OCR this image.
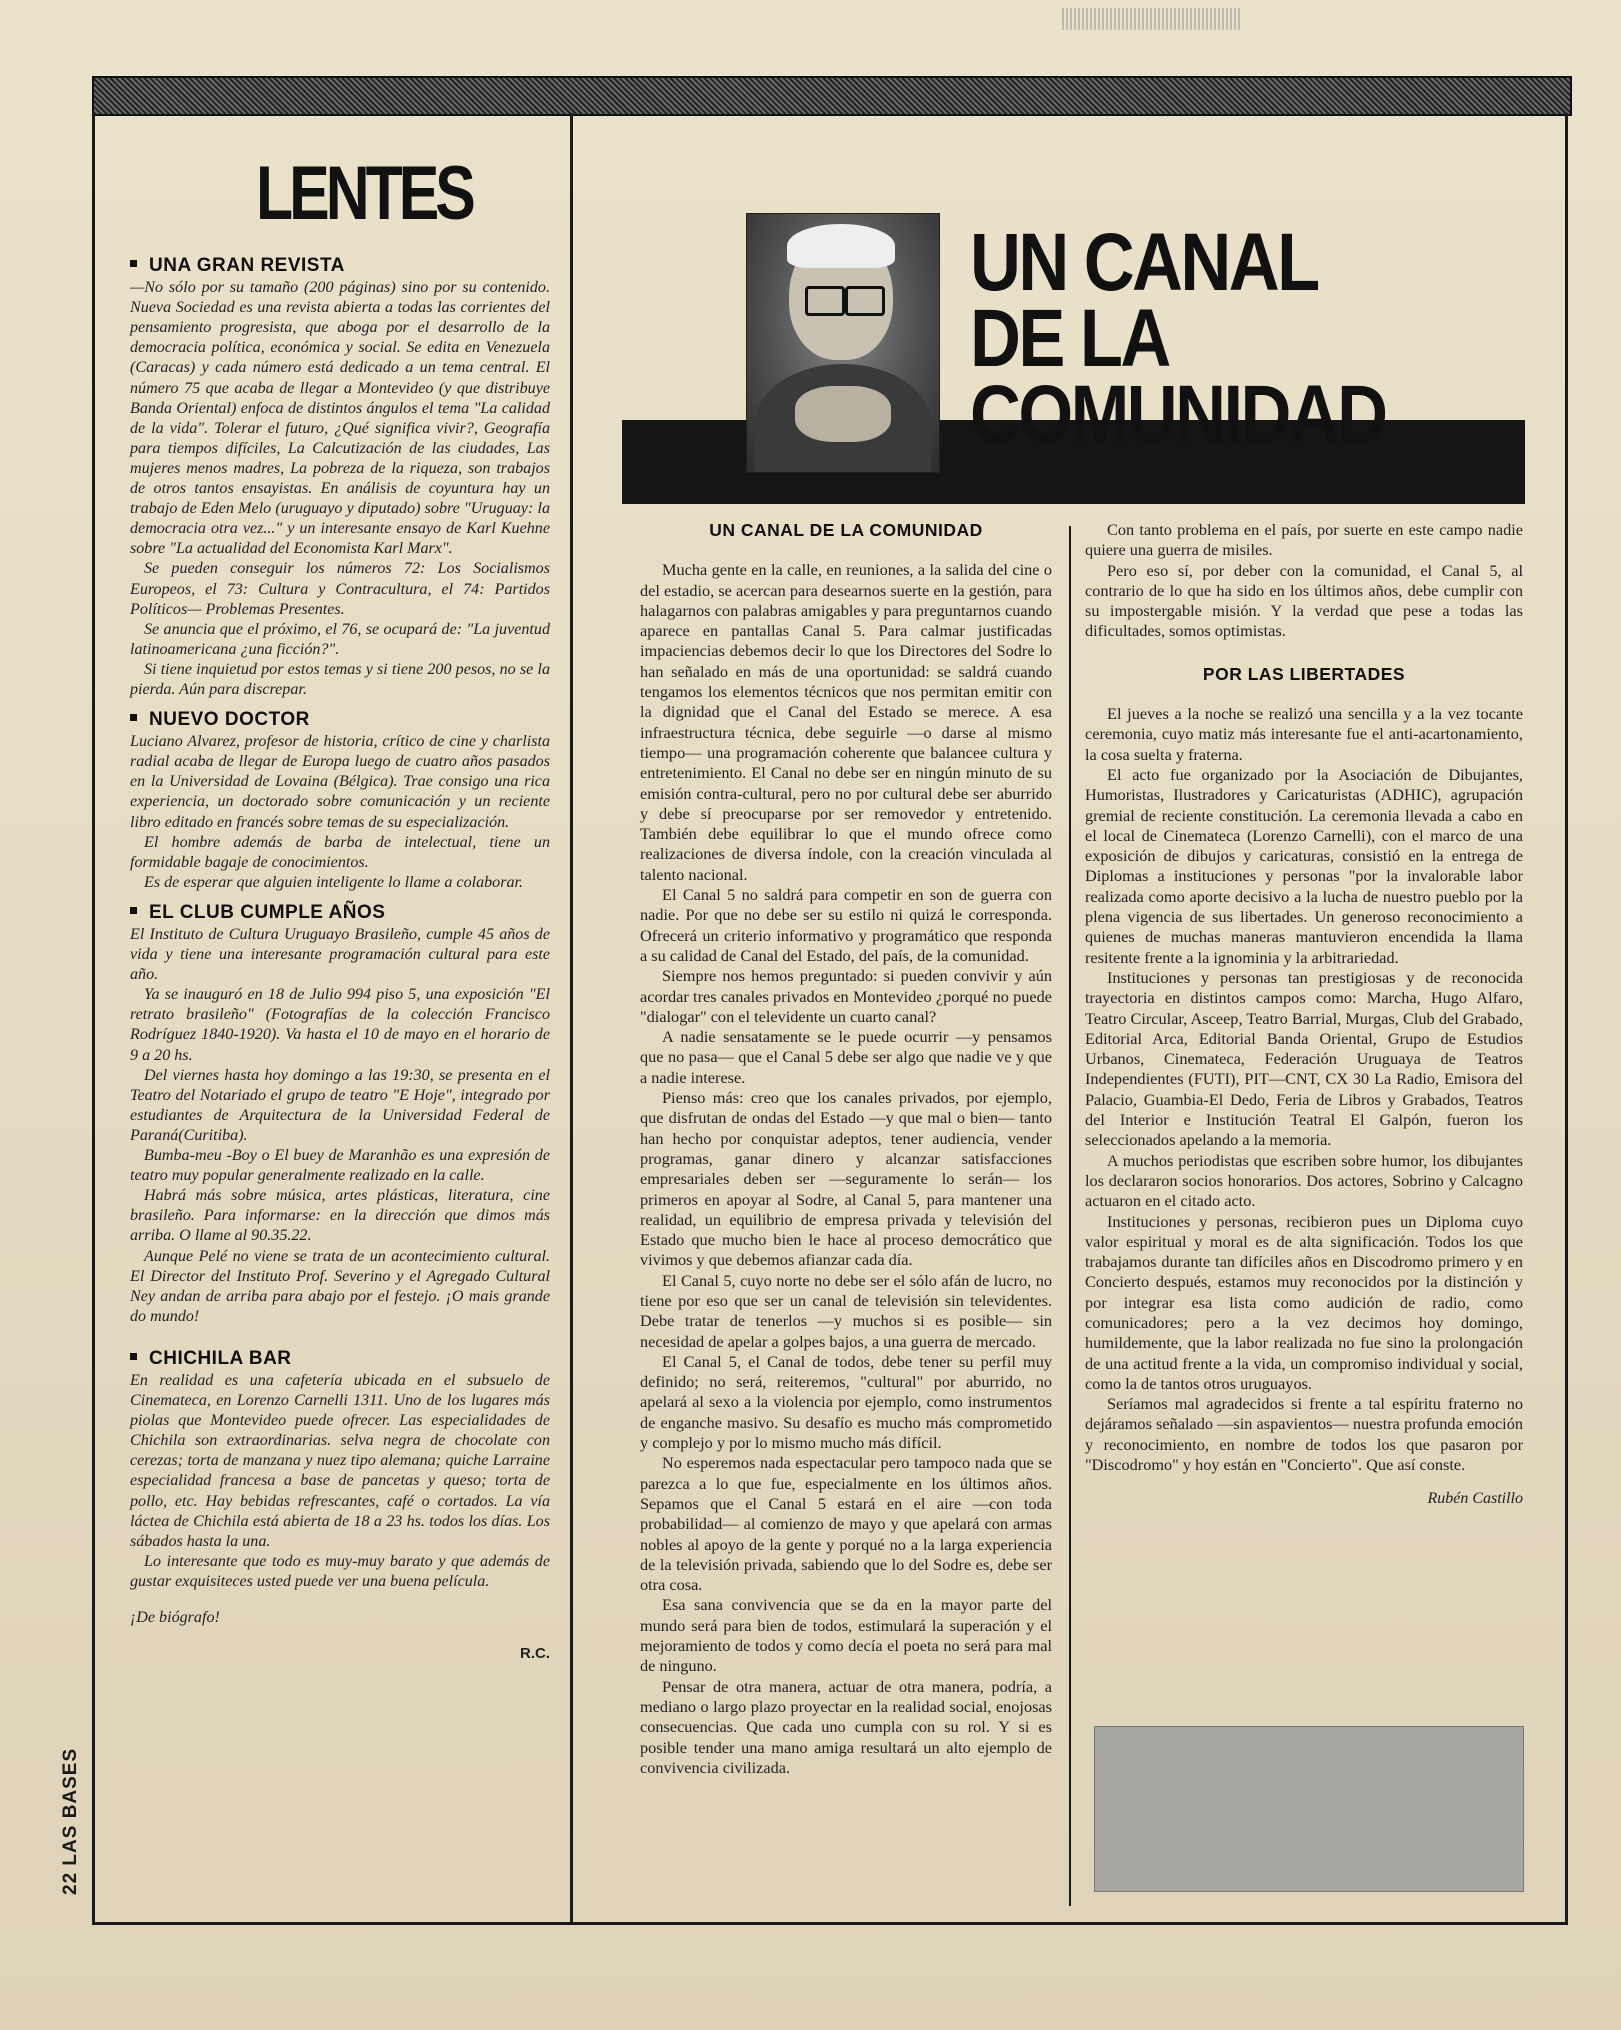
22 LAS BASES
LENTES
UNA GRAN REVISTA

—No sólo por su tamaño (200 páginas) sino por su contenido. Nueva Sociedad es una revista abierta a todas las corrientes del pensamiento progresista, que aboga por el desarrollo de la democracia política, económica y social. Se edita en Venezuela (Caracas) y cada número está dedicado a un tema central. El número 75 que acaba de llegar a Montevideo (y que distribuye Banda Oriental) enfoca de distintos ángulos el tema "La calidad de la vida". Tolerar el futuro, ¿Qué significa vivir?, Geografía para tiempos difíciles, La Calcutización de las ciudades, Las mujeres menos madres, La pobreza de la riqueza, son trabajos de otros tantos ensayistas. En análisis de coyuntura hay un trabajo de Eden Melo (uruguayo y diputado) sobre "Uruguay: la democracia otra vez..." y un interesante ensayo de Karl Kuehne sobre "La actualidad del Economista Karl Marx".

Se pueden conseguir los números 72: Los Socialismos Europeos, el 73: Cultura y Contracultura, el 74: Partidos Políticos— Problemas Presentes.

Se anuncia que el próximo, el 76, se ocupará de: "La juventud latinoamericana ¿una ficción?".

Si tiene inquietud por estos temas y si tiene 200 pesos, no se la pierda. Aún para discrepar.

NUEVO DOCTOR

Luciano Alvarez, profesor de historia, crítico de cine y charlista radial acaba de llegar de Europa luego de cuatro años pasados en la Universidad de Lovaina (Bélgica). Trae consigo una rica experiencia, un doctorado sobre comunicación y un reciente libro editado en francés sobre temas de su especialización.

El hombre además de barba de intelectual, tiene un formidable bagaje de conocimientos.

Es de esperar que alguien inteligente lo llame a colaborar.

EL CLUB CUMPLE AÑOS

El Instituto de Cultura Uruguayo Brasileño, cumple 45 años de vida y tiene una interesante programación cultural para este año.

Ya se inauguró en 18 de Julio 994 piso 5, una exposición "El retrato brasileño" (Fotografías de la colección Francisco Rodríguez 1840-1920). Va hasta el 10 de mayo en el horario de 9 a 20 hs.

Del viernes hasta hoy domingo a las 19:30, se presenta en el Teatro del Notariado el grupo de teatro "E Hoje", integrado por estudiantes de Arquitectura de la Universidad Federal de Paraná(Curitiba).

Bumba-meu -Boy o El buey de Maranhão es una expresión de teatro muy popular generalmente realizado en la calle.

Habrá más sobre música, artes plásticas, literatura, cine brasileño. Para informarse: en la dirección que dimos más arriba. O llame al 90.35.22.

Aunque Pelé no viene se trata de un acontecimiento cultural. El Director del Instituto Prof. Severino y el Agregado Cultural Ney andan de arriba para abajo por el festejo. ¡O mais grande do mundo!

CHICHILA BAR

En realidad es una cafetería ubicada en el subsuelo de Cinemateca, en Lorenzo Carnelli 1311. Uno de los lugares más piolas que Montevideo puede ofrecer. Las especialidades de Chichila son extraordinarias. selva negra de chocolate con cerezas; torta de manzana y nuez tipo alemana; quiche Larraine especialidad francesa a base de pancetas y queso; torta de pollo, etc. Hay bebidas refrescantes, café o cortados. La vía láctea de Chichila está abierta de 18 a 23 hs. todos los días. Los sábados hasta la una.

Lo interesante que todo es muy-muy barato y que además de gustar exquisiteces usted puede ver una buena película.

¡De biógrafo!

R.C.
UN CANAL
DE LA COMUNIDAD
UN CANAL DE LA COMUNIDAD

Mucha gente en la calle, en reuniones, a la salida del cine o del estadio, se acercan para desearnos suerte en la gestión, para halagarnos con palabras amigables y para preguntarnos cuando aparece en pantallas Canal 5. Para calmar justificadas impaciencias debemos decir lo que los Directores del Sodre lo han señalado en más de una oportunidad: se saldrá cuando tengamos los elementos técnicos que nos permitan emitir con la dignidad que el Canal del Estado se merece. A esa infraestructura técnica, debe seguirle —o darse al mismo tiempo— una programación coherente que balancee cultura y entretenimiento. El Canal no debe ser en ningún minuto de su emisión contra-cultural, pero no por cultural debe ser aburrido y debe sí preocuparse por ser removedor y entretenido. También debe equilibrar lo que el mundo ofrece como realizaciones de diversa índole, con la creación vinculada al talento nacional.

El Canal 5 no saldrá para competir en son de guerra con nadie. Por que no debe ser su estilo ni quizá le corresponda. Ofrecerá un criterio informativo y programático que responda a su calidad de Canal del Estado, del país, de la comunidad.

Siempre nos hemos preguntado: si pueden convivir y aún acordar tres canales privados en Montevideo ¿porqué no puede "dialogar" con el televidente un cuarto canal?

A nadie sensatamente se le puede ocurrir —y pensamos que no pasa— que el Canal 5 debe ser algo que nadie ve y que a nadie interese.

Pienso más: creo que los canales privados, por ejemplo, que disfrutan de ondas del Estado —y que mal o bien— tanto han hecho por conquistar adeptos, tener audiencia, vender programas, ganar dinero y alcanzar satisfacciones empresariales deben ser —seguramente lo serán— los primeros en apoyar al Sodre, al Canal 5, para mantener una realidad, un equilibrio de empresa privada y televisión del Estado que mucho bien le hace al proceso democrático que vivimos y que debemos afianzar cada día.

El Canal 5, cuyo norte no debe ser el sólo afán de lucro, no tiene por eso que ser un canal de televisión sin televidentes. Debe tratar de tenerlos —y muchos si es posible— sin necesidad de apelar a golpes bajos, a una guerra de mercado.

El Canal 5, el Canal de todos, debe tener su perfil muy definido; no será, reiteremos, "cultural" por aburrido, no apelará al sexo a la violencia por ejemplo, como instrumentos de enganche masivo. Su desafío es mucho más comprometido y complejo y por lo mismo mucho más difícil.

No esperemos nada espectacular pero tampoco nada que se parezca a lo que fue, especialmente en los últimos años. Sepamos que el Canal 5 estará en el aire —con toda probabilidad— al comienzo de mayo y que apelará con armas nobles al apoyo de la gente y porqué no a la larga experiencia de la televisión privada, sabiendo que lo del Sodre es, debe ser otra cosa.

Esa sana convivencia que se da en la mayor parte del mundo será para bien de todos, estimulará la superación y el mejoramiento de todos y como decía el poeta no será para mal de ninguno.

Pensar de otra manera, actuar de otra manera, podría, a mediano o largo plazo proyectar en la realidad social, enojosas consecuencias. Que cada uno cumpla con su rol. Y si es posible tender una mano amiga resultará un alto ejemplo de convivencia civilizada.

Con tanto problema en el país, por suerte en este campo nadie quiere una guerra de misiles.

Pero eso sí, por deber con la comunidad, el Canal 5, al contrario de lo que ha sido en los últimos años, debe cumplir con su impostergable misión. Y la verdad que pese a todas las dificultades, somos optimistas.

POR LAS LIBERTADES

El jueves a la noche se realizó una sencilla y a la vez tocante ceremonia, cuyo matiz más interesante fue el anti-acartonamiento, la cosa suelta y fraterna.

El acto fue organizado por la Asociación de Dibujantes, Humoristas, Ilustradores y Caricaturistas (ADHIC), agrupación gremial de reciente constitución. La ceremonia llevada a cabo en el local de Cinemateca (Lorenzo Carnelli), con el marco de una exposición de dibujos y caricaturas, consistió en la entrega de Diplomas a instituciones y personas "por la invalorable labor realizada como aporte decisivo a la lucha de nuestro pueblo por la plena vigencia de sus libertades. Un generoso reconocimiento a quienes de muchas maneras mantuvieron encendida la llama resitente frente a la ignominia y la arbitrariedad.

Instituciones y personas tan prestigiosas y de reconocida trayectoria en distintos campos como: Marcha, Hugo Alfaro, Teatro Circular, Asceep, Teatro Barrial, Murgas, Club del Grabado, Editorial Arca, Editorial Banda Oriental, Grupo de Estudios Urbanos, Cinemateca, Federación Uruguaya de Teatros Independientes (FUTI), PIT—CNT, CX 30 La Radio, Emisora del Palacio, Guambia-El Dedo, Feria de Libros y Grabados, Teatros del Interior e Institución Teatral El Galpón, fueron los seleccionados apelando a la memoria.

A muchos periodistas que escriben sobre humor, los dibujantes los declararon socios honorarios. Dos actores, Sobrino y Calcagno actuaron en el citado acto.

Instituciones y personas, recibieron pues un Diploma cuyo valor espiritual y moral es de alta significación. Todos los que trabajamos durante tan difíciles años en Discodromo primero y en Concierto después, estamos muy reconocidos por la distinción y por integrar esa lista como audición de radio, como comunicadores; pero a la vez decimos hoy domingo, humildemente, que la labor realizada no fue sino la prolongación de una actitud frente a la vida, un compromiso individual y social, como la de tantos otros uruguayos.

Seríamos mal agradecidos si frente a tal espíritu fraterno no dejáramos señalado —sin aspavientos— nuestra profunda emoción y reconocimiento, en nombre de todos los que pasaron por "Discodromo" y hoy están en "Concierto". Que así conste.

Rubén Castillo
